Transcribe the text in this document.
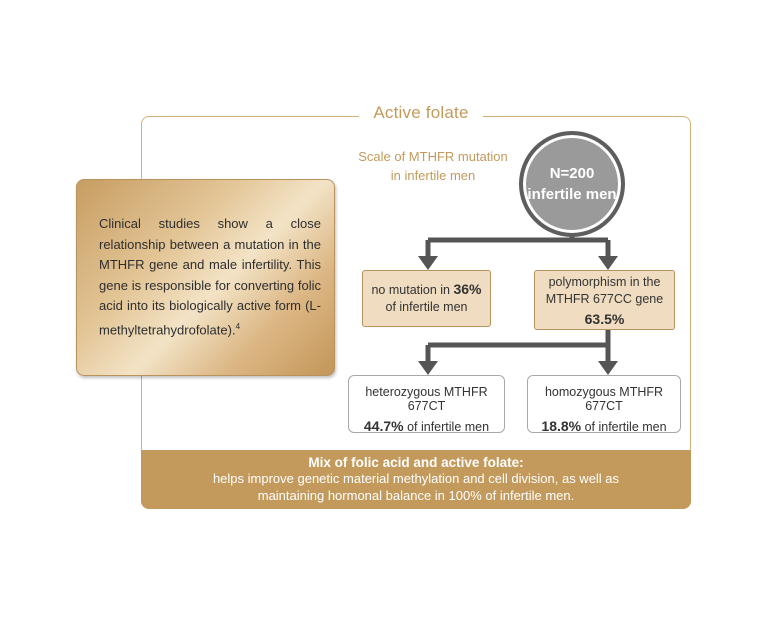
Active folate
Scale of MTHFR mutation
in infertile men	N=200
infertile men
Clinical studies show a close relationship between a mutation in the MTHFR gene and male infertility. This gene is responsible for converting folic acid into its biologically active form (L-methyltetrahydrofolate).$^4$
no mutation in 36%
of infertile men
polymorphism in the
MTHFR 677CC gene
63.5%
heterozygous MTHFR 677CT
44.7% of infertile men
homozygous MTHFR 677CT
18.8% of infertile men
Mix of folic acid and active folate:
helps improve genetic material methylation and cell division, as well as maintaining hormonal balance in 100% of infertile men.
